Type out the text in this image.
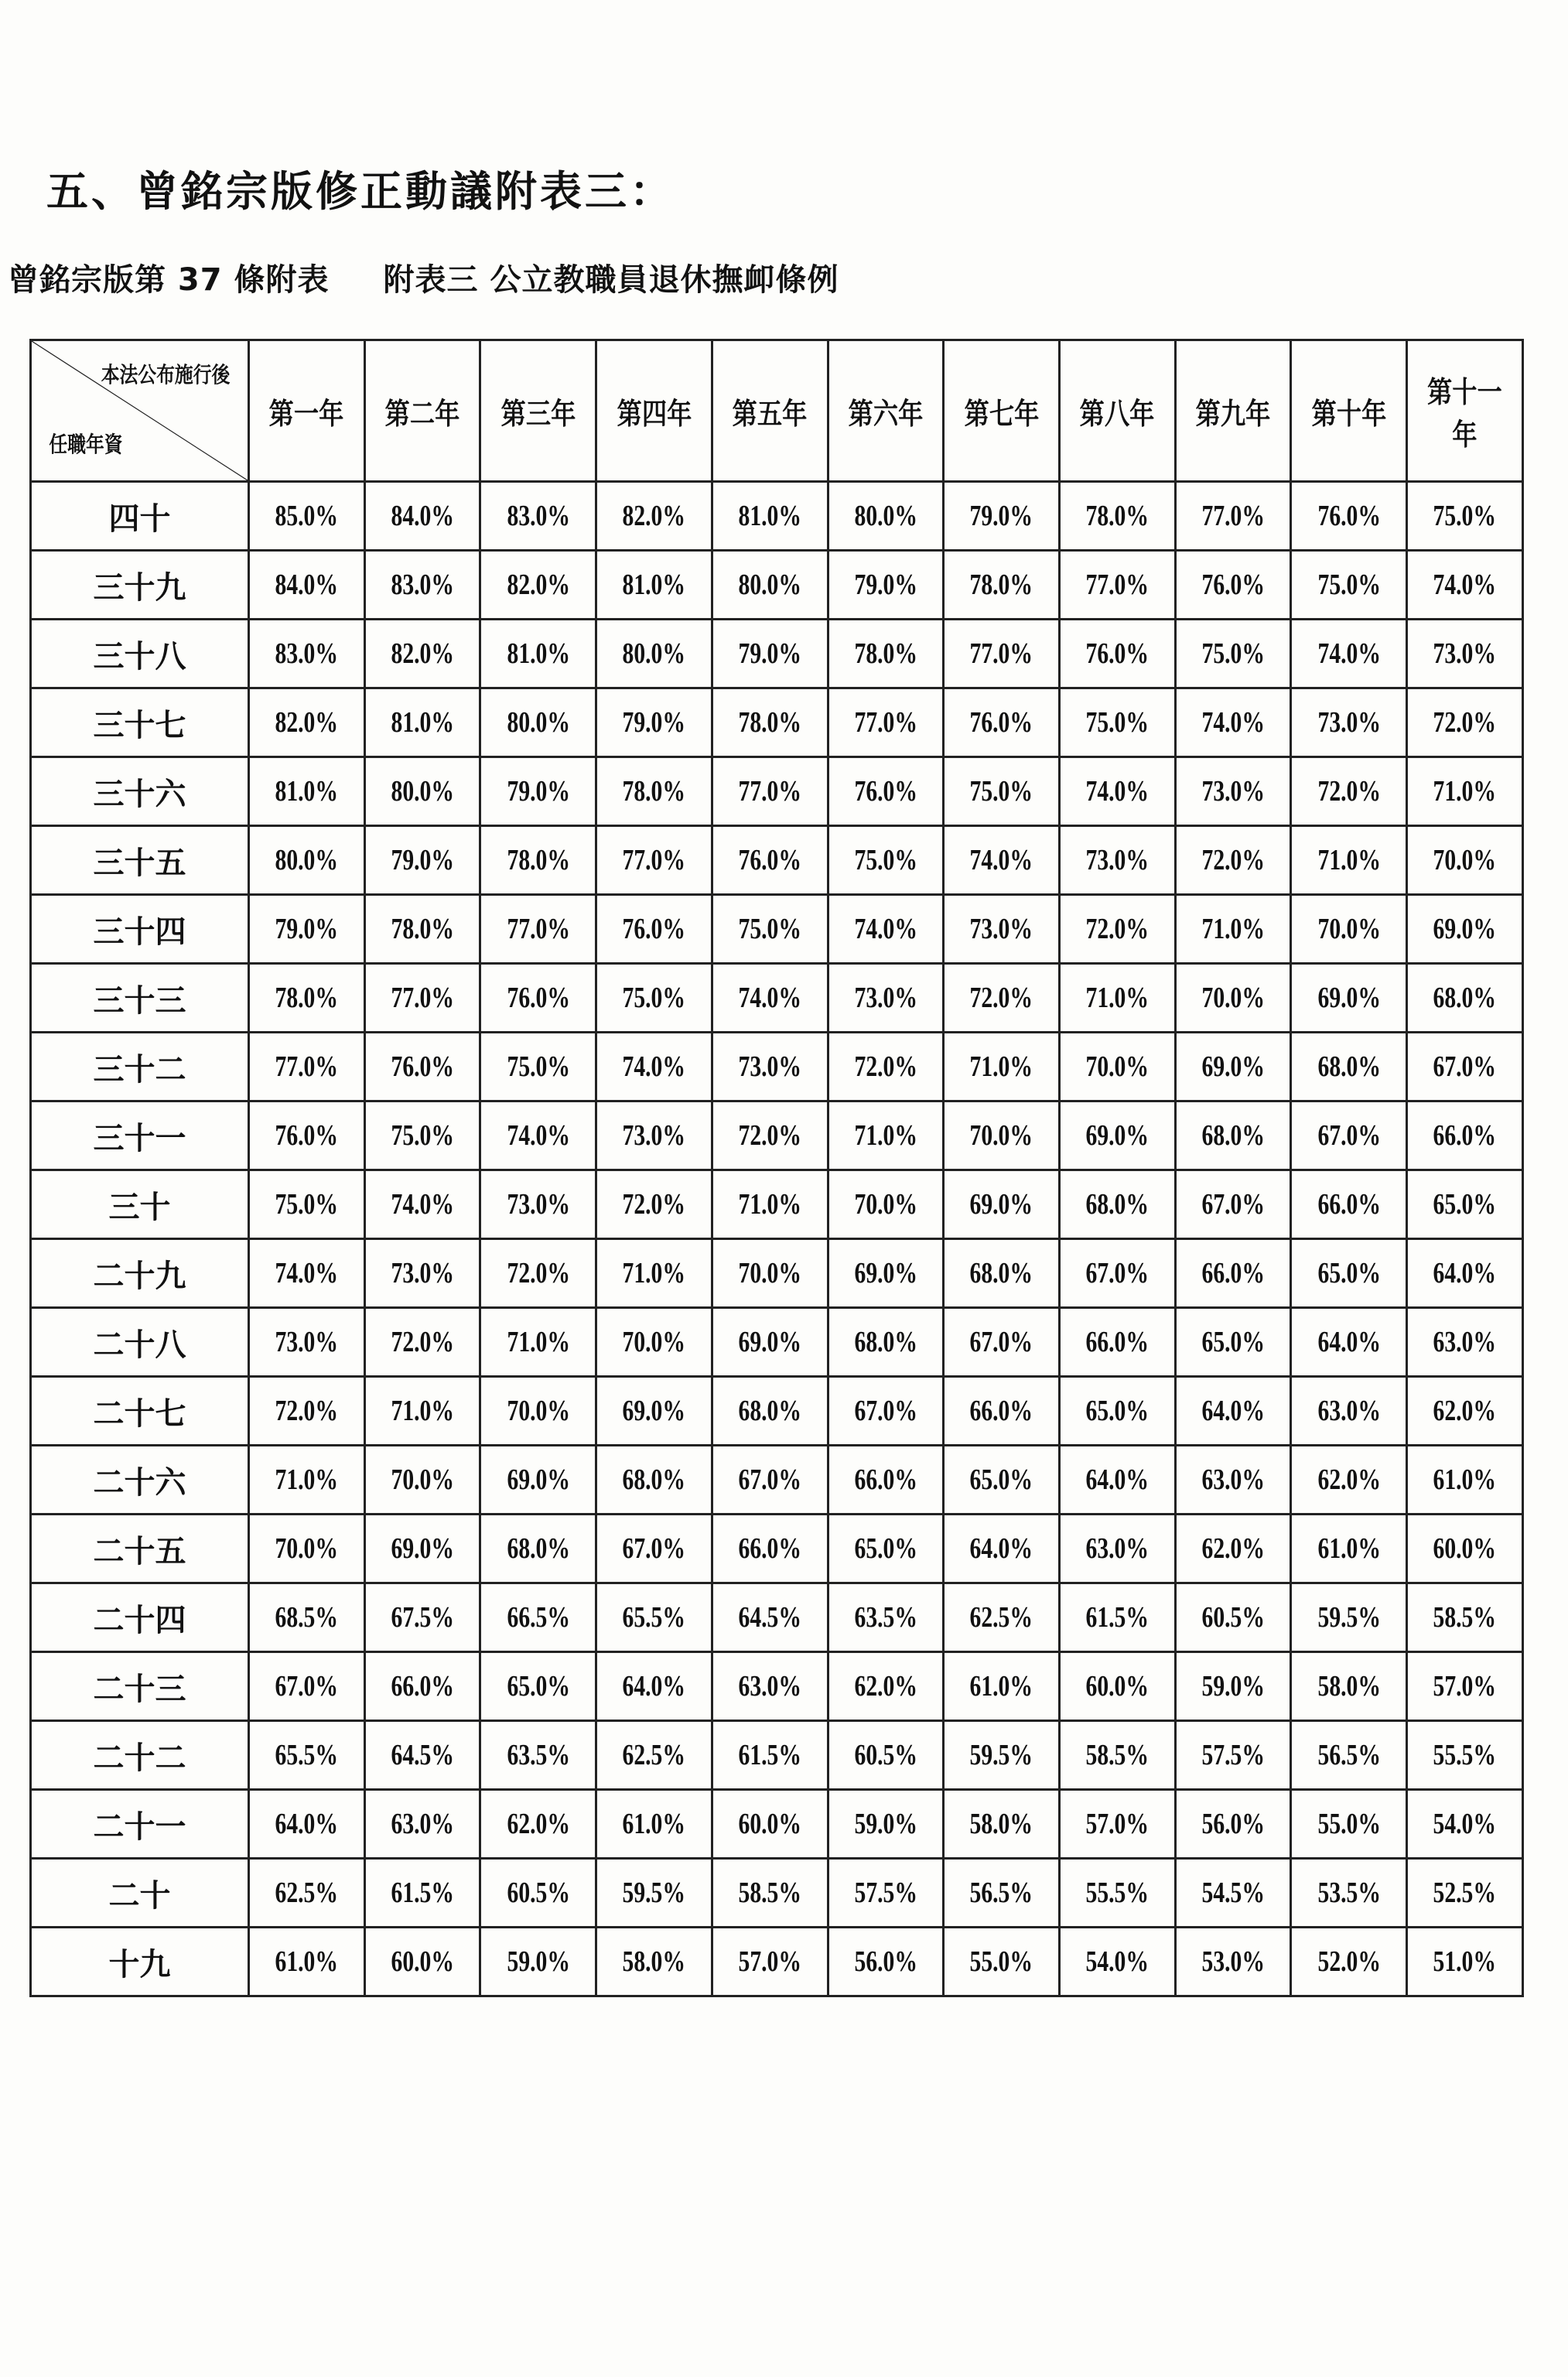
五、曾銘宗版修正動議附表三：
曾銘宗版第 37 條附表 附表三 公立教職員退休撫卹條例
本法公布施行後
任職年資	第一年	第二年	第三年	第四年	第五年	第六年	第七年	第八年	第九年	第十年	第十一年
四十	85.0%	84.0%	83.0%	82.0%	81.0%	80.0%	79.0%	78.0%	77.0%	76.0%	75.0%
三十九	84.0%	83.0%	82.0%	81.0%	80.0%	79.0%	78.0%	77.0%	76.0%	75.0%	74.0%
三十八	83.0%	82.0%	81.0%	80.0%	79.0%	78.0%	77.0%	76.0%	75.0%	74.0%	73.0%
三十七	82.0%	81.0%	80.0%	79.0%	78.0%	77.0%	76.0%	75.0%	74.0%	73.0%	72.0%
三十六	81.0%	80.0%	79.0%	78.0%	77.0%	76.0%	75.0%	74.0%	73.0%	72.0%	71.0%
三十五	80.0%	79.0%	78.0%	77.0%	76.0%	75.0%	74.0%	73.0%	72.0%	71.0%	70.0%
三十四	79.0%	78.0%	77.0%	76.0%	75.0%	74.0%	73.0%	72.0%	71.0%	70.0%	69.0%
三十三	78.0%	77.0%	76.0%	75.0%	74.0%	73.0%	72.0%	71.0%	70.0%	69.0%	68.0%
三十二	77.0%	76.0%	75.0%	74.0%	73.0%	72.0%	71.0%	70.0%	69.0%	68.0%	67.0%
三十一	76.0%	75.0%	74.0%	73.0%	72.0%	71.0%	70.0%	69.0%	68.0%	67.0%	66.0%
三十	75.0%	74.0%	73.0%	72.0%	71.0%	70.0%	69.0%	68.0%	67.0%	66.0%	65.0%
二十九	74.0%	73.0%	72.0%	71.0%	70.0%	69.0%	68.0%	67.0%	66.0%	65.0%	64.0%
二十八	73.0%	72.0%	71.0%	70.0%	69.0%	68.0%	67.0%	66.0%	65.0%	64.0%	63.0%
二十七	72.0%	71.0%	70.0%	69.0%	68.0%	67.0%	66.0%	65.0%	64.0%	63.0%	62.0%
二十六	71.0%	70.0%	69.0%	68.0%	67.0%	66.0%	65.0%	64.0%	63.0%	62.0%	61.0%
二十五	70.0%	69.0%	68.0%	67.0%	66.0%	65.0%	64.0%	63.0%	62.0%	61.0%	60.0%
二十四	68.5%	67.5%	66.5%	65.5%	64.5%	63.5%	62.5%	61.5%	60.5%	59.5%	58.5%
二十三	67.0%	66.0%	65.0%	64.0%	63.0%	62.0%	61.0%	60.0%	59.0%	58.0%	57.0%
二十二	65.5%	64.5%	63.5%	62.5%	61.5%	60.5%	59.5%	58.5%	57.5%	56.5%	55.5%
二十一	64.0%	63.0%	62.0%	61.0%	60.0%	59.0%	58.0%	57.0%	56.0%	55.0%	54.0%
二十	62.5%	61.5%	60.5%	59.5%	58.5%	57.5%	56.5%	55.5%	54.5%	53.5%	52.5%
十九	61.0%	60.0%	59.0%	58.0%	57.0%	56.0%	55.0%	54.0%	53.0%	52.0%	51.0%
